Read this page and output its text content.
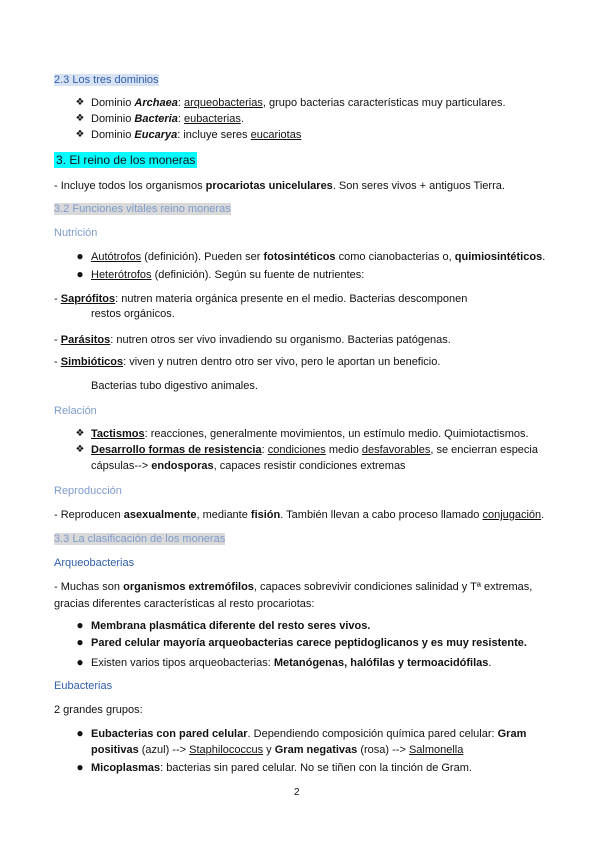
2.3 Los tres dominios
❖ Dominio Archaea: arqueobacterias, grupo bacterias características muy particulares.
❖ Dominio Bacteria: eubacterias.
❖ Dominio Eucarya: incluye seres eucariotas
3. El reino de los moneras
- Incluye todos los organismos procariotas unicelulares. Son seres vivos + antiguos Tierra.
3.2 Funciones vitales reino moneras
Nutrición
● Autótrofos (definición). Pueden ser fotosintéticos como cianobacterias o, quimiosintéticos.
● Heterótrofos (definición). Según su fuente de nutrientes:
- Saprófitos: nutren materia orgánica presente en el medio. Bacterias descomponen
restos orgánicos.
- Parásitos: nutren otros ser vivo invadiendo su organismo. Bacterias patógenas.
- Simbióticos: viven y nutren dentro otro ser vivo, pero le aportan un beneficio.
Bacterias tubo digestivo animales.
Relación
❖ Tactismos: reacciones, generalmente movimientos, un estímulo medio. Quimiotactismos.
❖ Desarrollo formas de resistencia: condiciones medio desfavorables, se encierran especia
cápsulas--> endosporas, capaces resistir condiciones extremas
Reproducción
- Reproducen asexualmente, mediante fisión. También llevan a cabo proceso llamado conjugación.
3.3 La clasificación de los moneras
Arqueobacterias
- Muchas son organismos extremófilos, capaces sobrevivir condiciones salinidad y Tª extremas,
gracias diferentes características al resto procariotas:
● Membrana plasmática diferente del resto seres vivos.
● Pared celular mayoría arqueobacterias carece peptidoglicanos y es muy resistente.
● Existen varios tipos arqueobacterias: Metanógenas, halófilas y termoacidófilas.
Eubacterias
2 grandes grupos:
● Eubacterias con pared celular. Dependiendo composición química pared celular: Gram
positivas (azul) --> Staphilococcus y Gram negativas (rosa) --> Salmonella
● Micoplasmas: bacterias sin pared celular. No se tiñen con la tinción de Gram.
2
